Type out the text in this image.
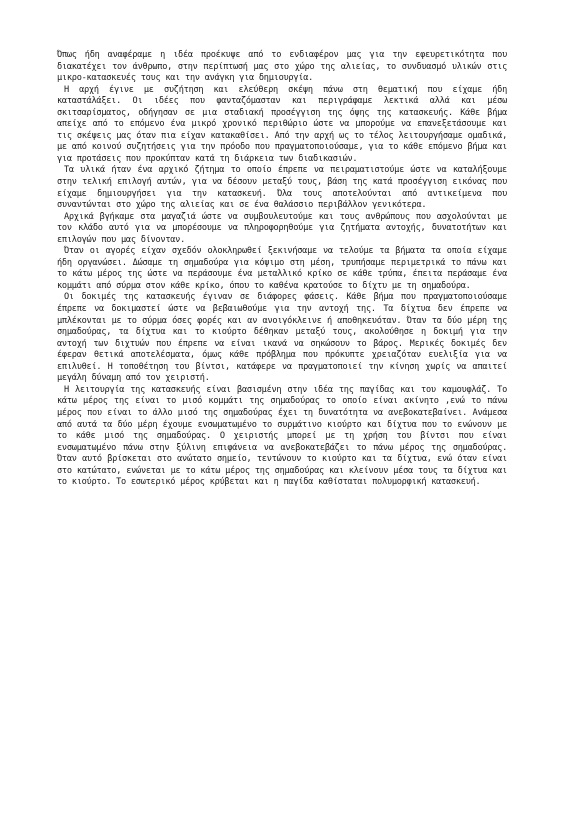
Όπως ήδη αναφέραμε η ιδέα προέκυψε από το ενδιαφέρον μας για την εφευρετικότητα που διακατέχει τον άνθρωπο, στην περίπτωσή μας στο χώρο της αλιείας, το συνδυασμό υλικών στις μικρο-κατασκευές τους και την ανάγκη για δημιουργία.

Η αρχή έγινε με συζήτηση και ελεύθερη σκέψη πάνω στη θεματική που είχαμε ήδη καταστάλάξει. Οι ιδέες που φανταζόμασταν και περιγράφαμε λεκτικά αλλά και μέσω σκιτσαρίσματος, οδήγησαν σε μια σταδιακή προσέγγιση της όψης της κατασκευής. Κάθε βήμα απείχε από το επόμενο ένα μικρό χρονικό περιθώριο ώστε να μπορούμε να επανεξετάσουμε και τις σκέψεις μας όταν πια είχαν κατακαθίσει. Από την αρχή ως το τέλος λειτουργήσαμε ομαδικά, με από κοινού συζητήσεις για την πρόοδο που πραγματοποιούσαμε, για το κάθε επόμενο βήμα και για προτάσεις που προκύπταν κατά τη διάρκεια των διαδικασιών.

Τα υλικά ήταν ένα αρχικό ζήτημα το οποίο έπρεπε να πειραματιστούμε ώστε να καταλήξουμε στην τελική επιλογή αυτών, για να δέσουν μεταξύ τους, βάση της κατά προσέγγιση εικόνας που είχαμε δημιουργήσει για την κατασκευή. Όλα τους αποτελούνται από αντικείμενα που συναντώνται στο χώρο της αλιείας και σε ένα θαλάσσιο περιβάλλον γενικότερα.

Αρχικά βγήκαμε στα μαγαζιά ώστε να συμβουλευτούμε και τους ανθρώπους που ασχολούνται με τον κλάδο αυτό για να μπορέσουμε να πληροφορηθούμε για ζητήματα αντοχής, δυνατοτήτων και επιλογών που μας δίνονταν.

Όταν οι αγορές είχαν σχεδόν ολοκληρωθεί ξεκινήσαμε να τελούμε τα βήματα τα οποία είχαμε ήδη οργανώσει. Δώσαμε τη σημαδούρα για κόψιμο στη μέση, τρυπήσαμε περιμετρικά το πάνω και το κάτω μέρος της ώστε να περάσουμε ένα μεταλλικό κρίκο σε κάθε τρύπα, έπειτα περάσαμε ένα κομμάτι από σύρμα στον κάθε κρίκο, όπου το καθένα κρατούσε το δίχτυ με τη σημαδούρα.

Οι δοκιμές της κατασκευής έγιναν σε διάφορες φάσεις. Κάθε βήμα που πραγματοποιούσαμε έπρεπε να δοκιμαστεί ώστε να βεβαιωθούμε για την αντοχή της. Τα δίχτυα δεν έπρεπε να μπλέκονται με το σύρμα όσες φορές και αν ανοιγόκλεινε ή αποθηκευόταν. Όταν τα δύο μέρη της σημαδούρας, τα δίχτυα και το κιούρτο δέθηκαν μεταξύ τους, ακολούθησε η δοκιμή για την αντοχή των διχτυών που έπρεπε να είναι ικανά να σηκώσουν το βάρος. Μερικές δοκιμές δεν έφεραν θετικά αποτελέσματα, όμως κάθε πρόβλημα που πρόκυπτε χρειαζόταν ευελιξία για να επιλυθεί. Η τοποθέτηση του βίντσι, κατάφερε να πραγματοποιεί την κίνηση χωρίς να απαιτεί μεγάλη δύναμη από τον χειριστή.

Η λειτουργία της κατασκευής είναι βασισμένη στην ιδέα της παγίδας και του καμουφλάζ. Το κάτω μέρος της είναι το μισό κομμάτι της σημαδούρας το οποίο είναι ακίνητο ,ενώ το πάνω μέρος που είναι το άλλο μισό της σημαδούρας έχει τη δυνατότητα να ανεβοκατεβαίνει. Ανάμεσα από αυτά τα δύο μέρη έχουμε ενσωματωμένο το συρμάτινο κιούρτο και δίχτυα που το ενώνουν με το κάθε μισό της σημαδούρας. Ο χειριστής μπορεί με τη χρήση του βίντσι που είναι ενσωματωμένο πάνω στην ξύλινη επιφάνεια να ανεβοκατεβάζει το πάνω μέρος της σημαδούρας. Όταν αυτό βρίσκεται στο ανώτατο σημείο, τεντώνουν το κιούρτο και τα δίχτυα, ενώ όταν είναι στο κατώτατο, ενώνεται με το κάτω μέρος της σημαδούρας και κλείνουν μέσα τους τα δίχτυα και το κιούρτο. Το εσωτερικό μέρος κρύβεται και η παγίδα καθίσταται πολυμορφική κατασκευή.
